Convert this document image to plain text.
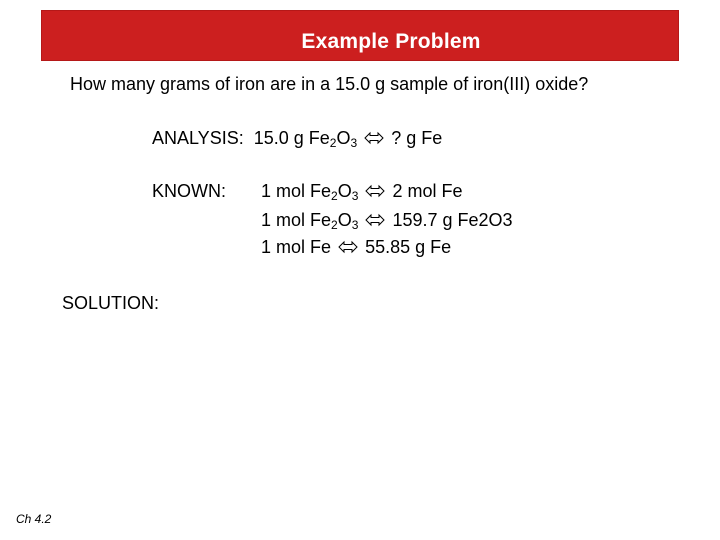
Example Problem
How many grams of iron are in a 15.0 g sample of iron(III) oxide?
ANALYSIS: 15.0 g $Fe_2O_3$ ? g Fe
KNOWN: 1 mol $Fe_2O_3$ 2 mol Fe
1 mol $Fe_2O_3$ 159.7 g Fe2O3
1 mol Fe 55.85 g Fe
SOLUTION:
Ch 4.2
